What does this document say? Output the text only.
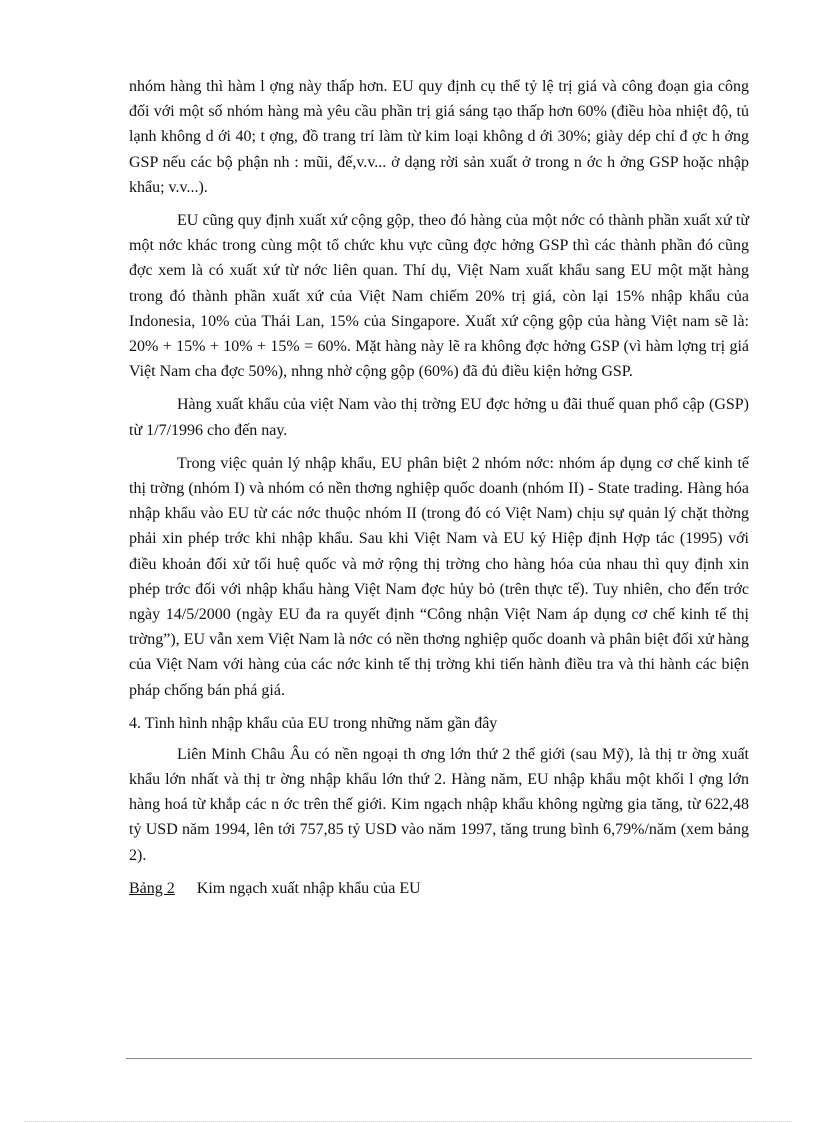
nhóm hàng thì hàm l ợng này thấp hơn. EU quy định cụ thể tỷ lệ trị giá và công đoạn gia công đối với một số nhóm hàng mà yêu cầu phần trị giá sáng tạo thấp hơn 60% (điều hòa nhiệt độ, tủ lạnh không d ới 40; t ợng, đồ trang trí làm từ kim loại không d ới 30%; giày dép chỉ đ ợc h ởng GSP nếu các bộ phận nh : mũi, đế,v.v... ở dạng rời sản xuất ở trong n ớc h ởng GSP hoặc nhập khẩu; v.v...).

EU cũng quy định xuất xứ cộng gộp, theo đó hàng của một nớc có thành phần xuất xứ từ một nớc khác trong cùng một tổ chức khu vực cũng đợc hởng GSP thì các thành phần đó cũng đợc xem là có xuất xứ từ nớc liên quan. Thí dụ, Việt Nam xuất khẩu sang EU một mặt hàng trong đó thành phần xuất xứ của Việt Nam chiếm 20% trị giá, còn lại 15% nhập khẩu của Indonesia, 10% của Thái Lan, 15% của Singapore. Xuất xứ cộng gộp của hàng Việt nam sẽ là: 20% + 15% + 10% + 15% = 60%. Mặt hàng này lẽ ra không đợc hởng GSP (vì hàm lợng trị giá Việt Nam cha đợc 50%), nhng nhờ cộng gộp (60%) đã đủ điều kiện hởng GSP.

Hàng xuất khẩu của việt Nam vào thị trờng EU đợc hởng u đãi thuế quan phổ cập (GSP) từ 1/7/1996 cho đến nay.

Trong việc quản lý nhập khẩu, EU phân biệt 2 nhóm nớc: nhóm áp dụng cơ chế kinh tế thị trờng (nhóm I) và nhóm có nền thơng nghiệp quốc doanh (nhóm II) - State trading. Hàng hóa nhập khẩu vào EU từ các nớc thuộc nhóm II (trong đó có Việt Nam) chịu sự quản lý chặt thờng phải xin phép trớc khi nhập khẩu. Sau khi Việt Nam và EU ký Hiệp định Hợp tác (1995) với điều khoản đối xử tối huệ quốc và mở rộng thị trờng cho hàng hóa của nhau thì quy định xin phép trớc đối với nhập khẩu hàng Việt Nam đợc hủy bỏ (trên thực tế). Tuy nhiên, cho đến trớc ngày 14/5/2000 (ngày EU đa ra quyết định “Công nhận Việt Nam áp dụng cơ chế kinh tế thị trờng”), EU vẫn xem Việt Nam là nớc có nền thơng nghiệp quốc doanh và phân biệt đối xử hàng của Việt Nam với hàng của các nớc kinh tế thị trờng khi tiến hành điều tra và thi hành các biện pháp chống bán phá giá.

4. Tình hình nhập khẩu của EU trong những năm gần đây

Liên Minh Châu Âu có nền ngoại th ơng lớn thứ 2 thế giới (sau Mỹ), là thị tr ờng xuất khẩu lớn nhất và thị tr ờng nhập khẩu lớn thứ 2. Hàng năm, EU nhập khẩu một khối l ợng lớn hàng hoá từ khắp các n ớc trên thế giới. Kim ngạch nhập khẩu không ngừng gia tăng, từ 622,48 tỷ USD năm 1994, lên tới 757,85 tỷ USD vào năm 1997, tăng trung bình 6,79%/năm (xem bảng 2).

Bảng 2 Kim ngạch xuất nhập khẩu của EU
